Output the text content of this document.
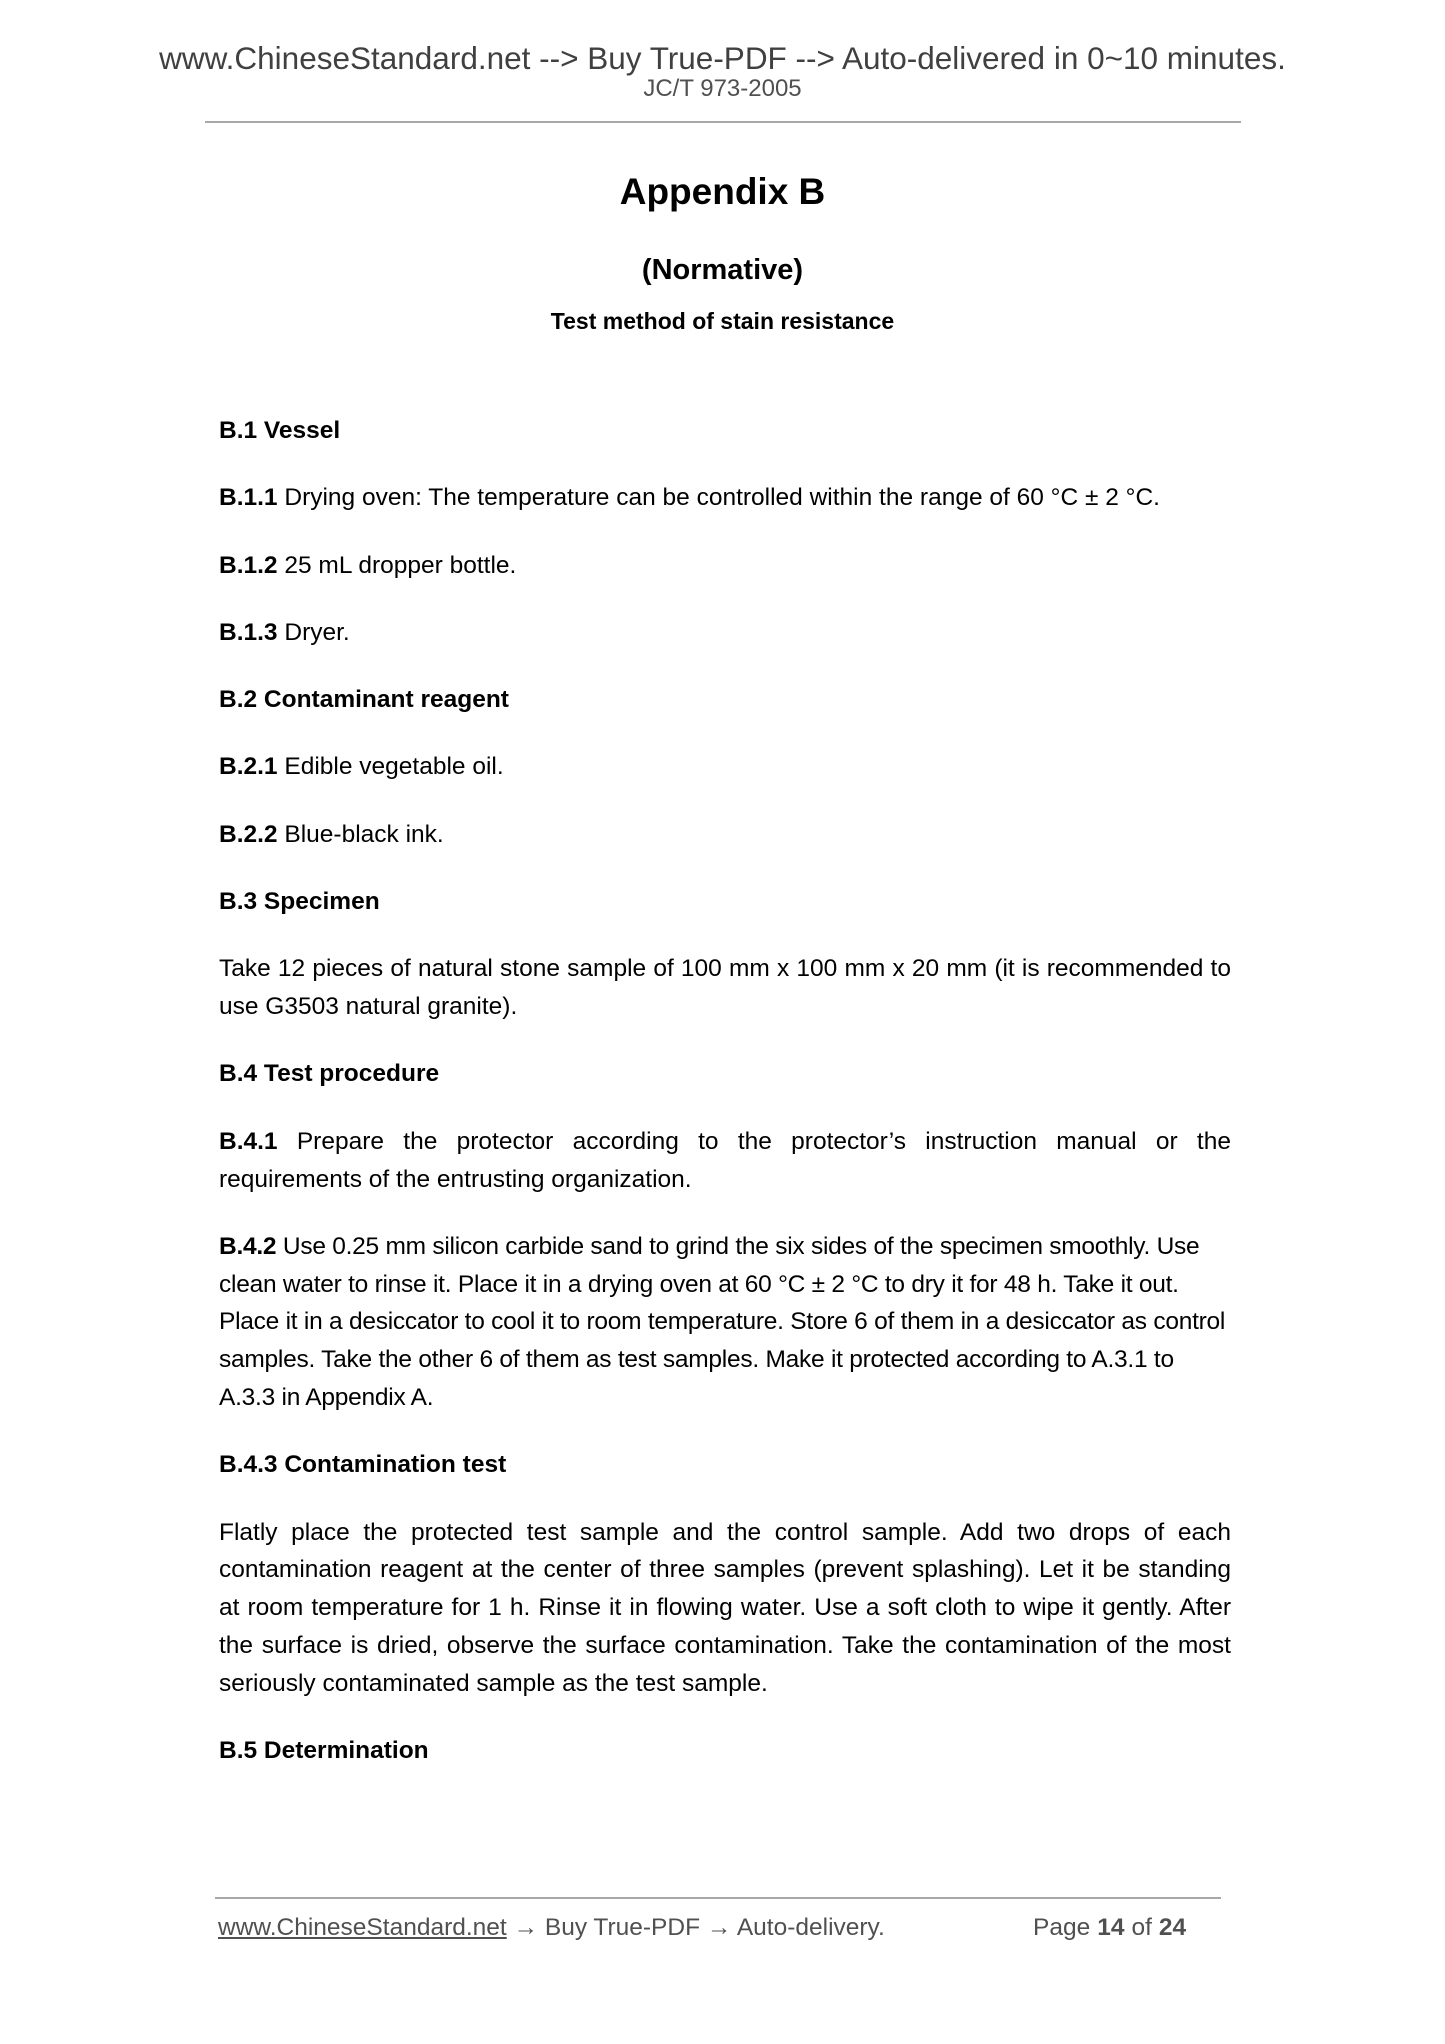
www.ChineseStandard.net --> Buy True-PDF --> Auto-delivered in 0~10 minutes.
JC/T 973-2005
Appendix B
(Normative)
Test method of stain resistance
B.1 Vessel

B.1.1 Drying oven: The temperature can be controlled within the range of 60 °C ± 2 °C.

B.1.2 25 mL dropper bottle.

B.1.3 Dryer.

B.2 Contaminant reagent

B.2.1 Edible vegetable oil.

B.2.2 Blue-black ink.

B.3 Specimen

Take 12 pieces of natural stone sample of 100 mm x 100 mm x 20 mm (it is recommended to use G3503 natural granite).

B.4 Test procedure

B.4.1 Prepare the protector according to the protector’s instruction manual or the requirements of the entrusting organization.

B.4.2 Use 0.25 mm silicon carbide sand to grind the six sides of the specimen smoothly. Use clean water to rinse it. Place it in a drying oven at 60 °C ± 2 °C to dry it for 48 h. Take it out. Place it in a desiccator to cool it to room temperature. Store 6 of them in a desiccator as control samples. Take the other 6 of them as test samples. Make it protected according to A.3.1 to A.3.3 in Appendix A.

B.4.3 Contamination test

Flatly place the protected test sample and the control sample. Add two drops of each contamination reagent at the center of three samples (prevent splashing). Let it be standing at room temperature for 1 h. Rinse it in flowing water. Use a soft cloth to wipe it gently. After the surface is dried, observe the surface contamination. Take the contamination of the most seriously contaminated sample as the test sample.

B.5 Determination
www.ChineseStandard.net → Buy True-PDF → Auto-delivery.	Page 14 of 24
